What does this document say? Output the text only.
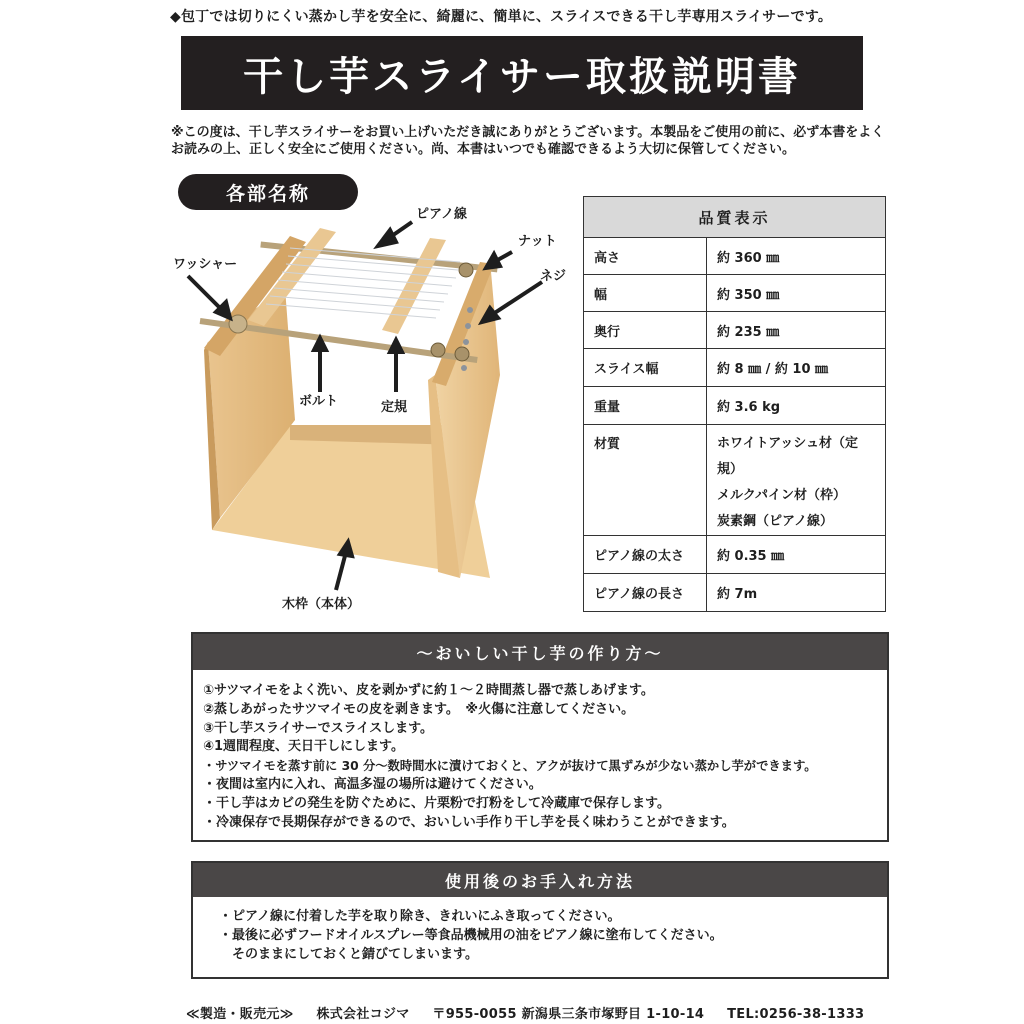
◆包丁では切りにくい蒸かし芋を安全に、綺麗に、簡単に、スライスできる干し芋専用スライサーです。
干し芋スライサー取扱説明書
※この度は、干し芋スライサーをお買い上げいただき誠にありがとうございます。本製品をご使用の前に、必ず本書をよくお読みの上、正しく安全にご使用ください。尚、本書はいつでも確認できるよう大切に保管してください。
各部名称
ピアノ線
ナット
ネジ
ワッシャー
ボルト	定規
木枠（本体）
品質表示	
高さ	約 360 ㎜
幅	約 350 ㎜
奥行	約 235 ㎜
スライス幅	約 8 ㎜ / 約 10 ㎜
重量	約 3.6 kg
材質	ホワイトアッシュ材（定規）
メルクパイン材（枠）
炭素鋼（ピアノ線）

ピアノ線の太さ	約 0.35 ㎜
ピアノ線の長さ	約 7m
～おいしい干し芋の作り方～
①サツマイモをよく洗い、皮を剥かずに約１～２時間蒸し器で蒸しあげます。
②蒸しあがったサツマイモの皮を剥きます。　※火傷に注意してください。
③干し芋スライサーでスライスします。
④1週間程度、天日干しにします。
・サツマイモを蒸す前に 30 分～数時間水に漬けておくと、アクが抜けて黒ずみが少ない蒸かし芋ができます。
・夜間は室内に入れ、高温多湿の場所は避けてください。
・干し芋はカビの発生を防ぐために、片栗粉で打粉をして冷蔵庫で保存します。
・冷凍保存で長期保存ができるので、おいしい手作り干し芋を長く味わうことができます。
使用後のお手入れ方法
・ピアノ線に付着した芋を取り除き、きれいにふき取ってください。
・最後に必ずフードオイルスプレー等食品機械用の油をピアノ線に塗布してください。
　そのままにしておくと錆びてしまいます。
≪製造・販売元≫ 株式会社コジマ 〒955-0055 新潟県三条市塚野目 1-10-14 TEL:0256-38-1333
